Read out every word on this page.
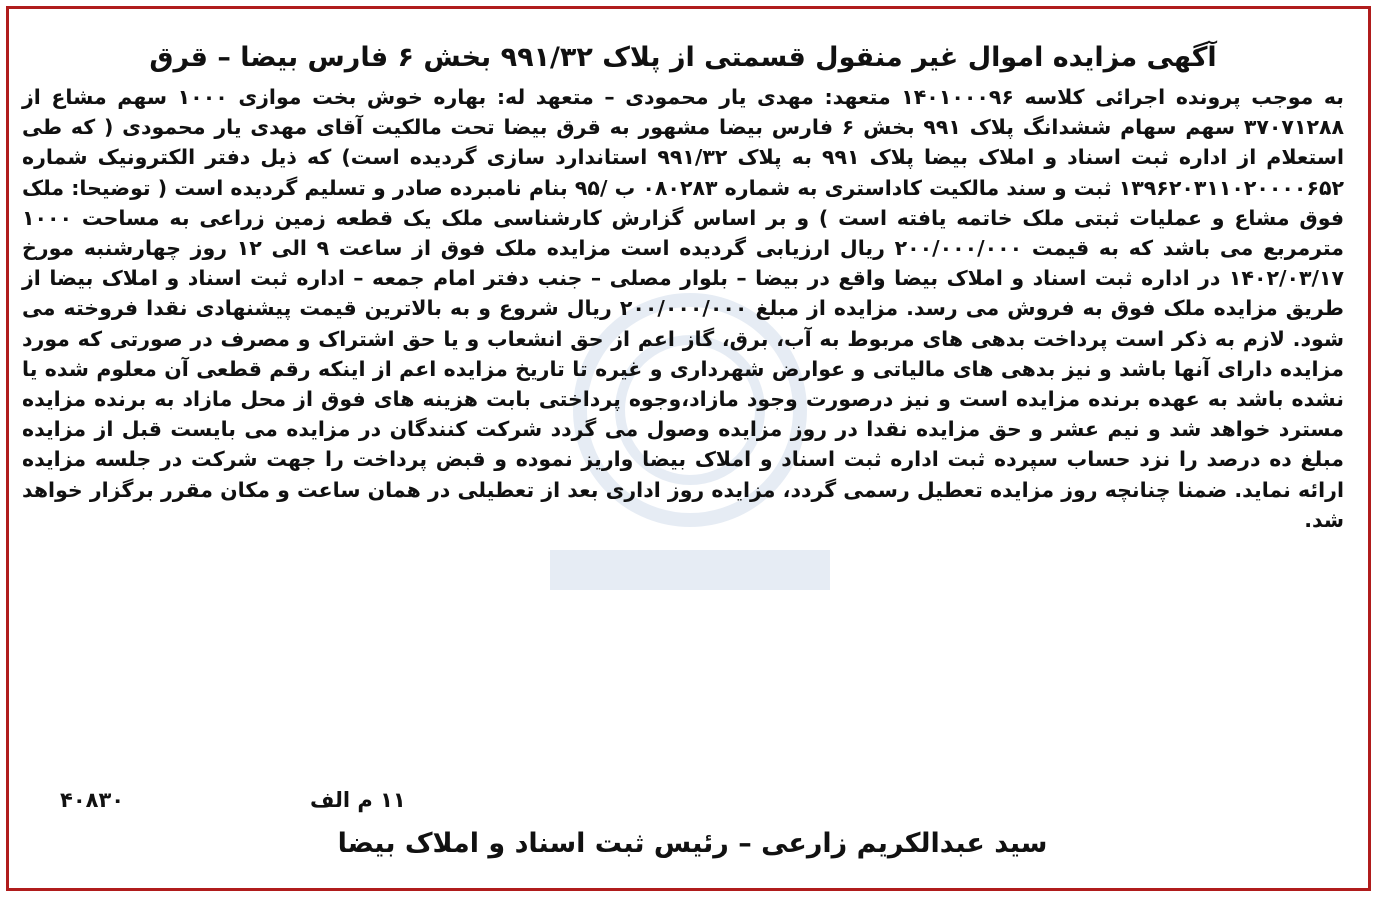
آگهی مزایده اموال غیر منقول قسمتی از پلاک ۹۹۱/۳۲ بخش ۶ فارس بیضا – قرق

به موجب پرونده اجرائی کلاسه ۱۴۰۱۰۰۰۹۶ متعهد: مهدی یار محمودی – متعهد له: بهاره خوش بخت موازی ۱۰۰۰ سهم مشاع از ۳۷۰۷۱۲۸۸ سهم سهام ششدانگ پلاک ۹۹۱ بخش ۶ فارس بیضا مشهور به قرق بیضا تحت مالکیت آقای مهدی یار محمودی ( که طی استعلام از اداره ثبت اسناد و املاک بیضا پلاک ۹۹۱ به پلاک ۹۹۱/۳۲ استاندارد سازی گردیده است) که ذیل دفتر الکترونیک شماره ۱۳۹۶۲۰۳۱۱۰۲۰۰۰۰۶۵۲ ثبت و سند مالکیت کاداستری به شماره ۰۸۰۲۸۳ ب /۹۵ بنام نامبرده صادر و تسلیم گردیده است ( توضیحا: ملک فوق مشاع و عملیات ثبتی ملک خاتمه یافته است ) و بر اساس گزارش کارشناسی ملک یک قطعه زمین زراعی به مساحت ۱۰۰۰ مترمربع می باشد که به قیمت ۲۰۰/۰۰۰/۰۰۰ ریال ارزیابی گردیده است مزایده ملک فوق از ساعت ۹ الی ۱۲ روز چهارشنبه مورخ ۱۴۰۲/۰۳/۱۷ در اداره ثبت اسناد و املاک بیضا واقع در بیضا – بلوار مصلی – جنب دفتر امام جمعه – اداره ثبت اسناد و املاک بیضا از طریق مزایده ملک فوق به فروش می رسد. مزایده از مبلغ ۲۰۰/۰۰۰/۰۰۰ ریال شروع و به بالاترین قیمت پیشنهادی نقدا فروخته می شود. لازم به ذکر است پرداخت بدهی های مربوط به آب، برق، گاز اعم از حق انشعاب و یا حق اشتراک و مصرف در صورتی که مورد مزایده دارای آنها باشد و نیز بدهی های مالیاتی و عوارض شهرداری و غیره تا تاریخ مزایده اعم از اینکه رقم قطعی آن معلوم شده یا نشده باشد به عهده برنده مزایده است و نیز درصورت وجود مازاد،وجوه پرداختی بابت هزینه های فوق از محل مازاد به برنده مزایده مسترد خواهد شد و نیم عشر و حق مزایده نقدا در روز مزایده وصول می گردد شرکت کنندگان در مزایده می بایست قبل از مزایده مبلغ ده درصد را نزد حساب سپرده ثبت اداره ثبت اسناد و املاک بیضا واریز نموده و قبض پرداخت را جهت شرکت در جلسه مزایده ارائه نماید. ضمنا چنانچه روز مزایده تعطیل رسمی گردد، مزایده روز اداری بعد از تعطیلی در همان ساعت و مکان مقرر برگزار خواهد شد.

۴۰۸۳۰	۱۱ م الف
سید عبدالکریم زارعی – رئیس ثبت اسناد و املاک بیضا
